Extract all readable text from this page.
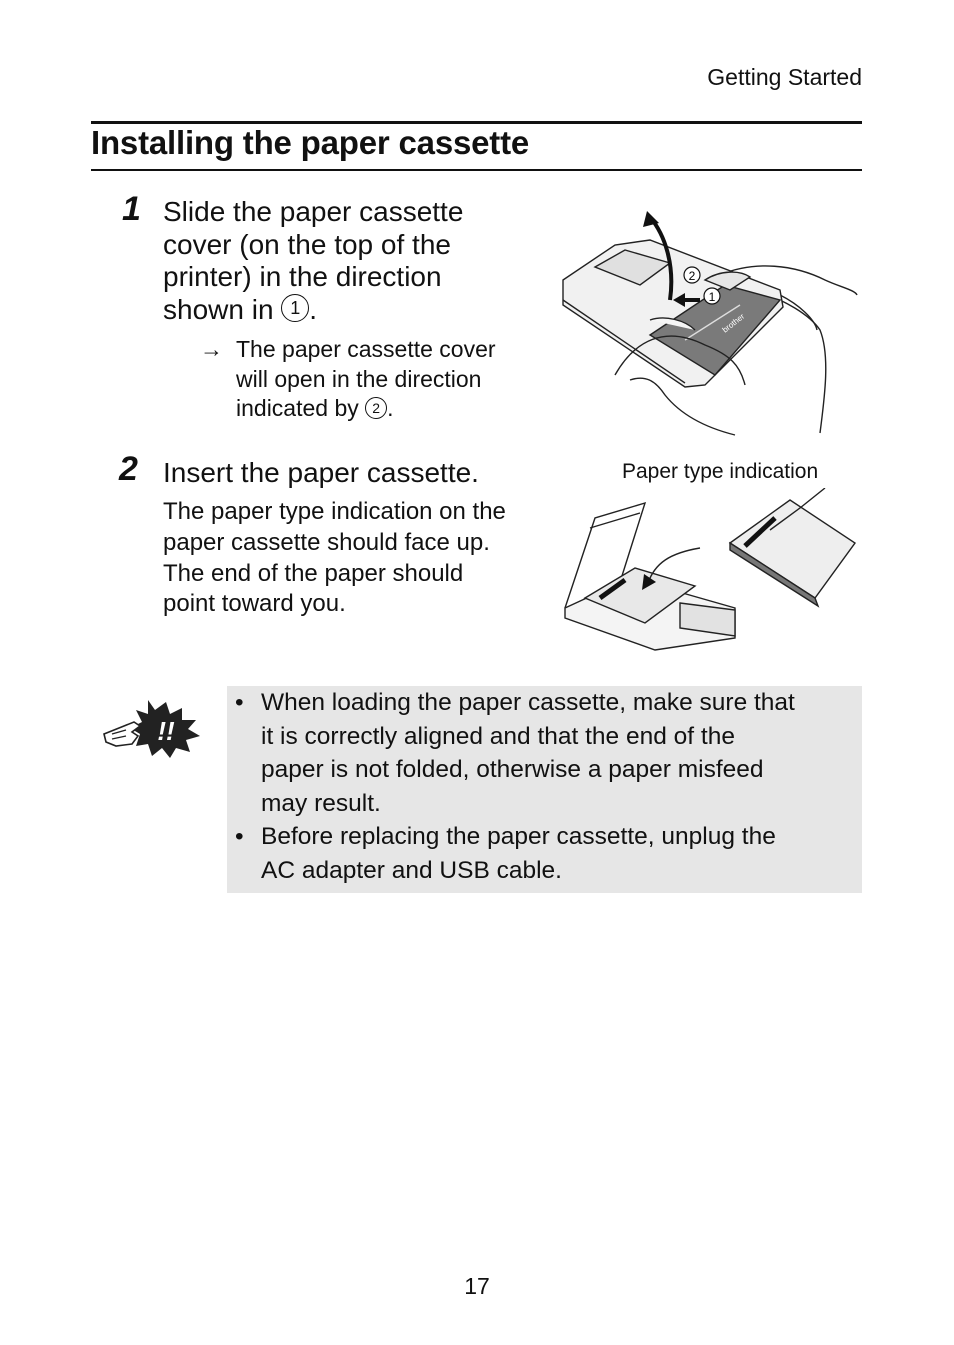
Getting Started
Installing the paper cassette
1 Slide the paper cassette
cover (on the top of the
printer) in the direction
shown in 1 .
→ The paper cassette cover
will open in the direction
indicated by 2 .
2
1
brother
2 Insert the paper cassette.
The paper type indication on the
paper cassette should face up.
The end of the paper should
point toward you.
Paper type indication
!!
• When loading the paper cassette, make sure that
it is correctly aligned and that the end of the
paper is not folded, otherwise a paper misfeed
may result.
• Before replacing the paper cassette, unplug the
AC adapter and USB cable.
17
